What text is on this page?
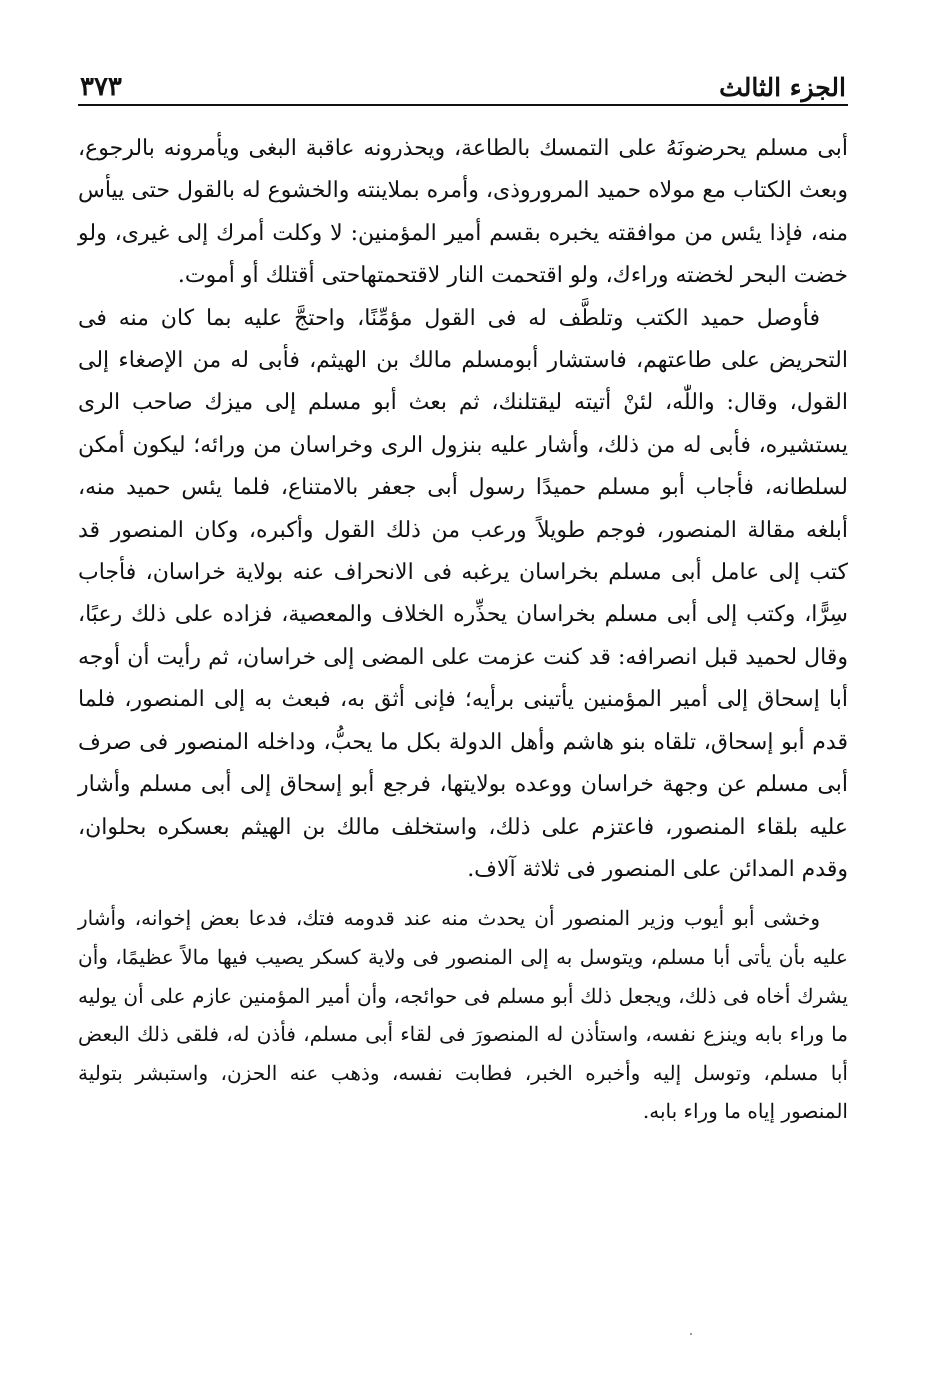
الجزء الثالث
٣٧٣

أبى مسلم يحرضونَهُ على التمسك بالطاعة، ويحذرونه عاقبة البغى ويأمرونه بالرجوع، وبعث الكتاب مع مولاه حميد المروروذى، وأمره بملاينته والخشوع له بالقول حتى ييأس منه، فإذا يئس من موافقته يخبره بقسم أمير المؤمنين: لا وكلت أمرك إلى غيرى، ولو خضت البحر لخضته وراءك، ولو اقتحمت النار لاقتحمتهاحتى أقتلك أو أموت.

فأوصل حميد الكتب وتلطَّف له فى القول مؤمِّنًا، واحتجَّ عليه بما كان منه فى التحريض على طاعتهم، فاستشار أبومسلم مالك بن الهيثم، فأبى له من الإصغاء إلى القول، وقال: واللّٰه، لئنْ أتيته ليقتلنك، ثم بعث أبو مسلم إلى ميزك صاحب الرى يستشيره، فأبى له من ذلك، وأشار عليه بنزول الرى وخراسان من ورائه؛ ليكون أمكن لسلطانه، فأجاب أبو مسلم حميدًا رسول أبى جعفر بالامتناع، فلما يئس حميد منه، أبلغه مقالة المنصور، فوجم طويلاً ورعب من ذلك القول وأكبره، وكان المنصور قد كتب إلى عامل أبى مسلم بخراسان يرغبه فى الانحراف عنه بولاية خراسان، فأجاب سِرًّا، وكتب إلى أبى مسلم بخراسان يحذِّره الخلاف والمعصية، فزاده على ذلك رعبًا، وقال لحميد قبل انصرافه: قد كنت عزمت على المضى إلى خراسان، ثم رأيت أن أوجه أبا إسحاق إلى أمير المؤمنين يأتينى برأيه؛ فإنى أثق به، فبعث به إلى المنصور، فلما قدم أبو إسحاق، تلقاه بنو هاشم وأهل الدولة بكل ما يحبُّ، وداخله المنصور فى صرف أبى مسلم عن وجهة خراسان ووعده بولايتها، فرجع أبو إسحاق إلى أبى مسلم وأشار عليه بلقاء المنصور، فاعتزم على ذلك، واستخلف مالك بن الهيثم بعسكره بحلوان، وقدم المدائن على المنصور فى ثلاثة آلاف.

وخشى أبو أيوب وزير المنصور أن يحدث منه عند قدومه فتك، فدعا بعض إخوانه، وأشار عليه بأن يأتى أبا مسلم، ويتوسل به إلى المنصور فى ولاية كسكر يصيب فيها مالاً عظيمًا، وأن يشرك أخاه فى ذلك، ويجعل ذلك أبو مسلم فى حوائجه، وأن أمير المؤمنين عازم على أن يوليه ما وراء بابه وينزع نفسه، واستأذن له المنصورَ فى لقاء أبى مسلم، فأذن له، فلقى ذلك البعض أبا مسلم، وتوسل إليه وأخبره الخبر، فطابت نفسه، وذهب عنه الحزن، واستبشر بتولية المنصور إياه ما وراء بابه.
